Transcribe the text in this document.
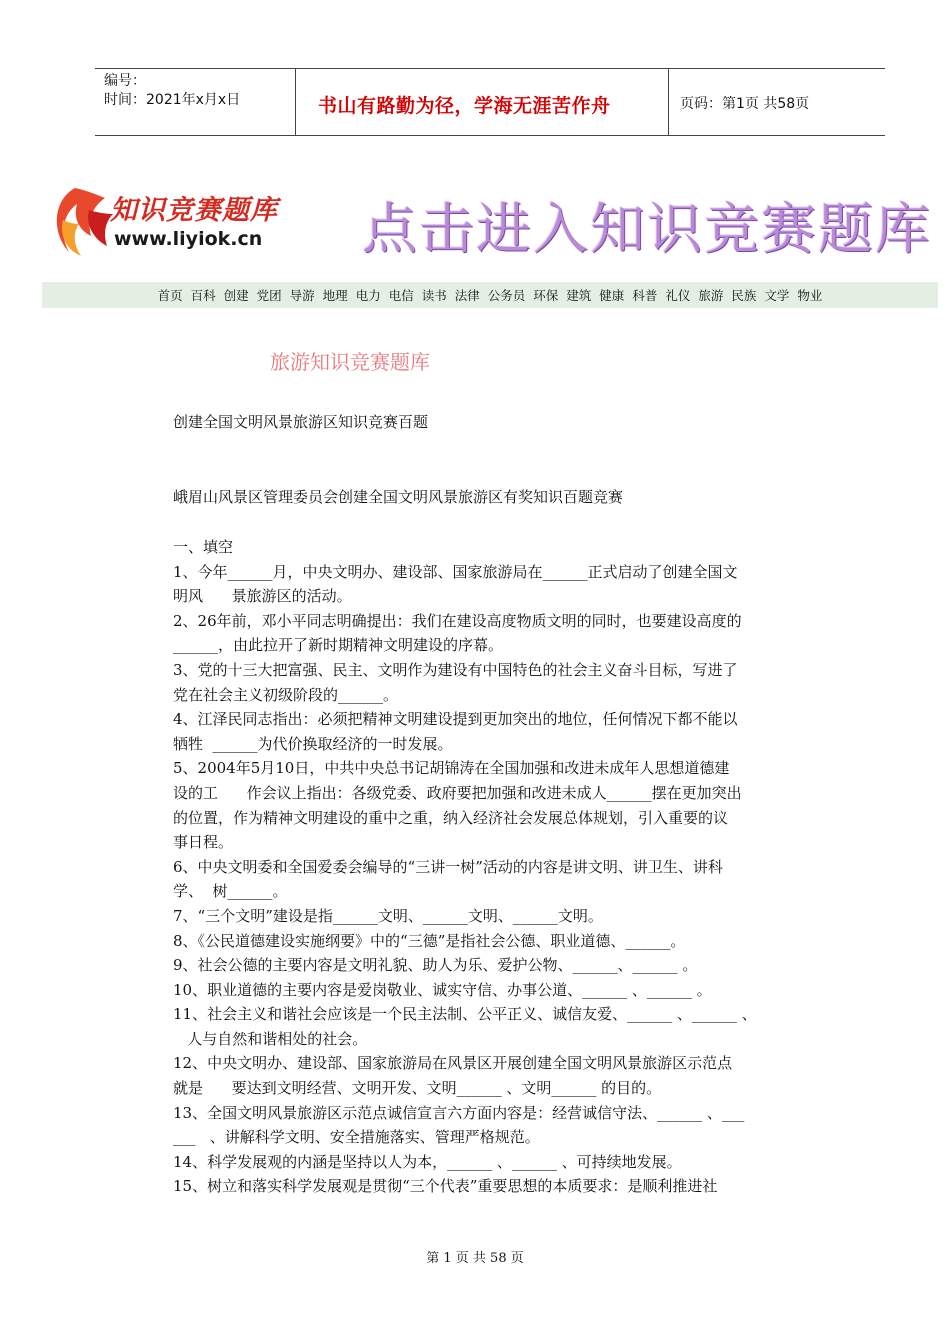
编号：
时间：2021年x月x日	书山有路勤为径，学海无涯苦作舟	页码：第1页 共58页
知识竞赛题库
www.liyiok.cn 点击进入知识竞赛题库
首页 百科 创建 党团 导游 地理 电力 电信 读书 法律 公务员 环保 建筑 健康 科普 礼仪 旅游 民族 文学 物业
旅游知识竞赛题库
创建全国文明风景旅游区知识竞赛百题
峨眉山风景区管理委员会创建全国文明风景旅游区有奖知识百题竞赛
一、填空
1、今年______月，中央文明办、建设部、国家旅游局在______正式启动了创建全国文
明风      景旅游区的活动。
2、26年前，邓小平同志明确提出：我们在建设高度物质文明的同时，也要建设高度的
______，由此拉开了新时期精神文明建设的序幕。
3、党的十三大把富强、民主、文明作为建设有中国特色的社会主义奋斗目标，写进了
党在社会主义初级阶段的______。
4、江泽民同志指出：必须把精神文明建设提到更加突出的地位，任何情况下都不能以
牺牲  ______为代价换取经济的一时发展。
5、2004年5月10日，中共中央总书记胡锦涛在全国加强和改进未成年人思想道德建
设的工      作会议上指出：各级党委、政府要把加强和改进未成人______摆在更加突出
的位置，作为精神文明建设的重中之重，纳入经济社会发展总体规划，引入重要的议
事日程。
6、中央文明委和全国爱委会编导的“三讲一树”活动的内容是讲文明、讲卫生、讲科
学、  树______。
7、“三个文明”建设是指______文明、______文明、______文明。
8、《公民道德建设实施纲要》中的“三德”是指社会公德、职业道德、______。
9、社会公德的主要内容是文明礼貌、助人为乐、爱护公物、______、______ 。
10、职业道德的主要内容是爱岗敬业、诚实守信、办事公道、______ 、______ 。
11、社会主义和谐社会应该是一个民主法制、公平正义、诚信友爱、______ 、______ 、
人与自然和谐相处的社会。
12、中央文明办、建设部、国家旅游局在风景区开展创建全国文明风景旅游区示范点
就是      要达到文明经营、文明开发、文明______ 、文明______ 的目的。
13、全国文明风景旅游区示范点诚信宣言六方面内容是：经营诚信守法、______ 、___
___   、讲解科学文明、安全措施落实、管理严格规范。
14、科学发展观的内涵是坚持以人为本，______ 、______ 、可持续地发展。
15、树立和落实科学发展观是贯彻“三个代表”重要思想的本质要求：是顺利推进社
第 1 页 共 58 页
